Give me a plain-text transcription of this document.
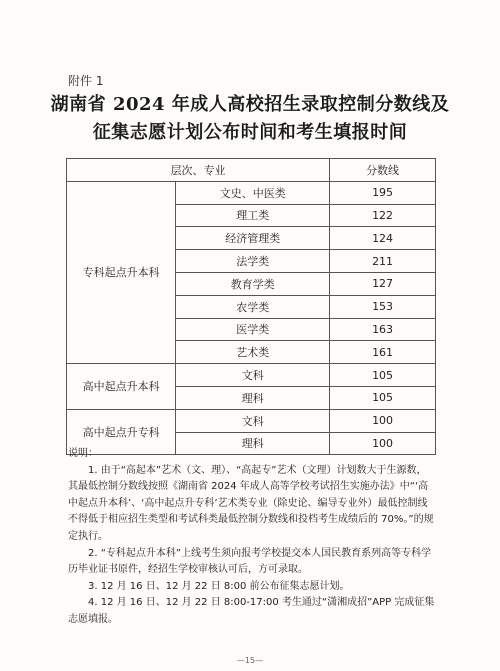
附件 1
湖南省 2024 年成人高校招生录取控制分数线及
征集志愿计划公布时间和考生填报时间
层次、专业		分数线
专科起点升本科	文史、中医类	195
	理工类	122
	经济管理类	124
	法学类	211
	教育学类	127
	农学类	153
	医学类	163
	艺术类	161
高中起点升本科	文科	105
	理科	105
高中起点升专科	文科	100
	理科	100

说明：

1. 由于“高起本”艺术（文、理）、“高起专”艺术（文理）计划数大于生源数，其最低控制分数线按照《湖南省 2024 年成人高等学校考试招生实施办法》中“‘高中起点升本科’、‘高中起点升专科’艺术类专业（除史论、编导专业外）最低控制线不得低于相应招生类型和考试科类最低控制分数线和投档考生成绩后的 70%。”的规定执行。

2. “专科起点升本科”上线考生须向报考学校提交本人国民教育系列高等专科学历毕业证书原件，经招生学校审核认可后，方可录取。

3. 12 月 16 日、12 月 22 日 8:00 前公布征集志愿计划。

4. 12 月 16 日、12 月 22 日 8:00-17:00 考生通过“潇湘成招”APP 完成征集志愿填报。

—15—
